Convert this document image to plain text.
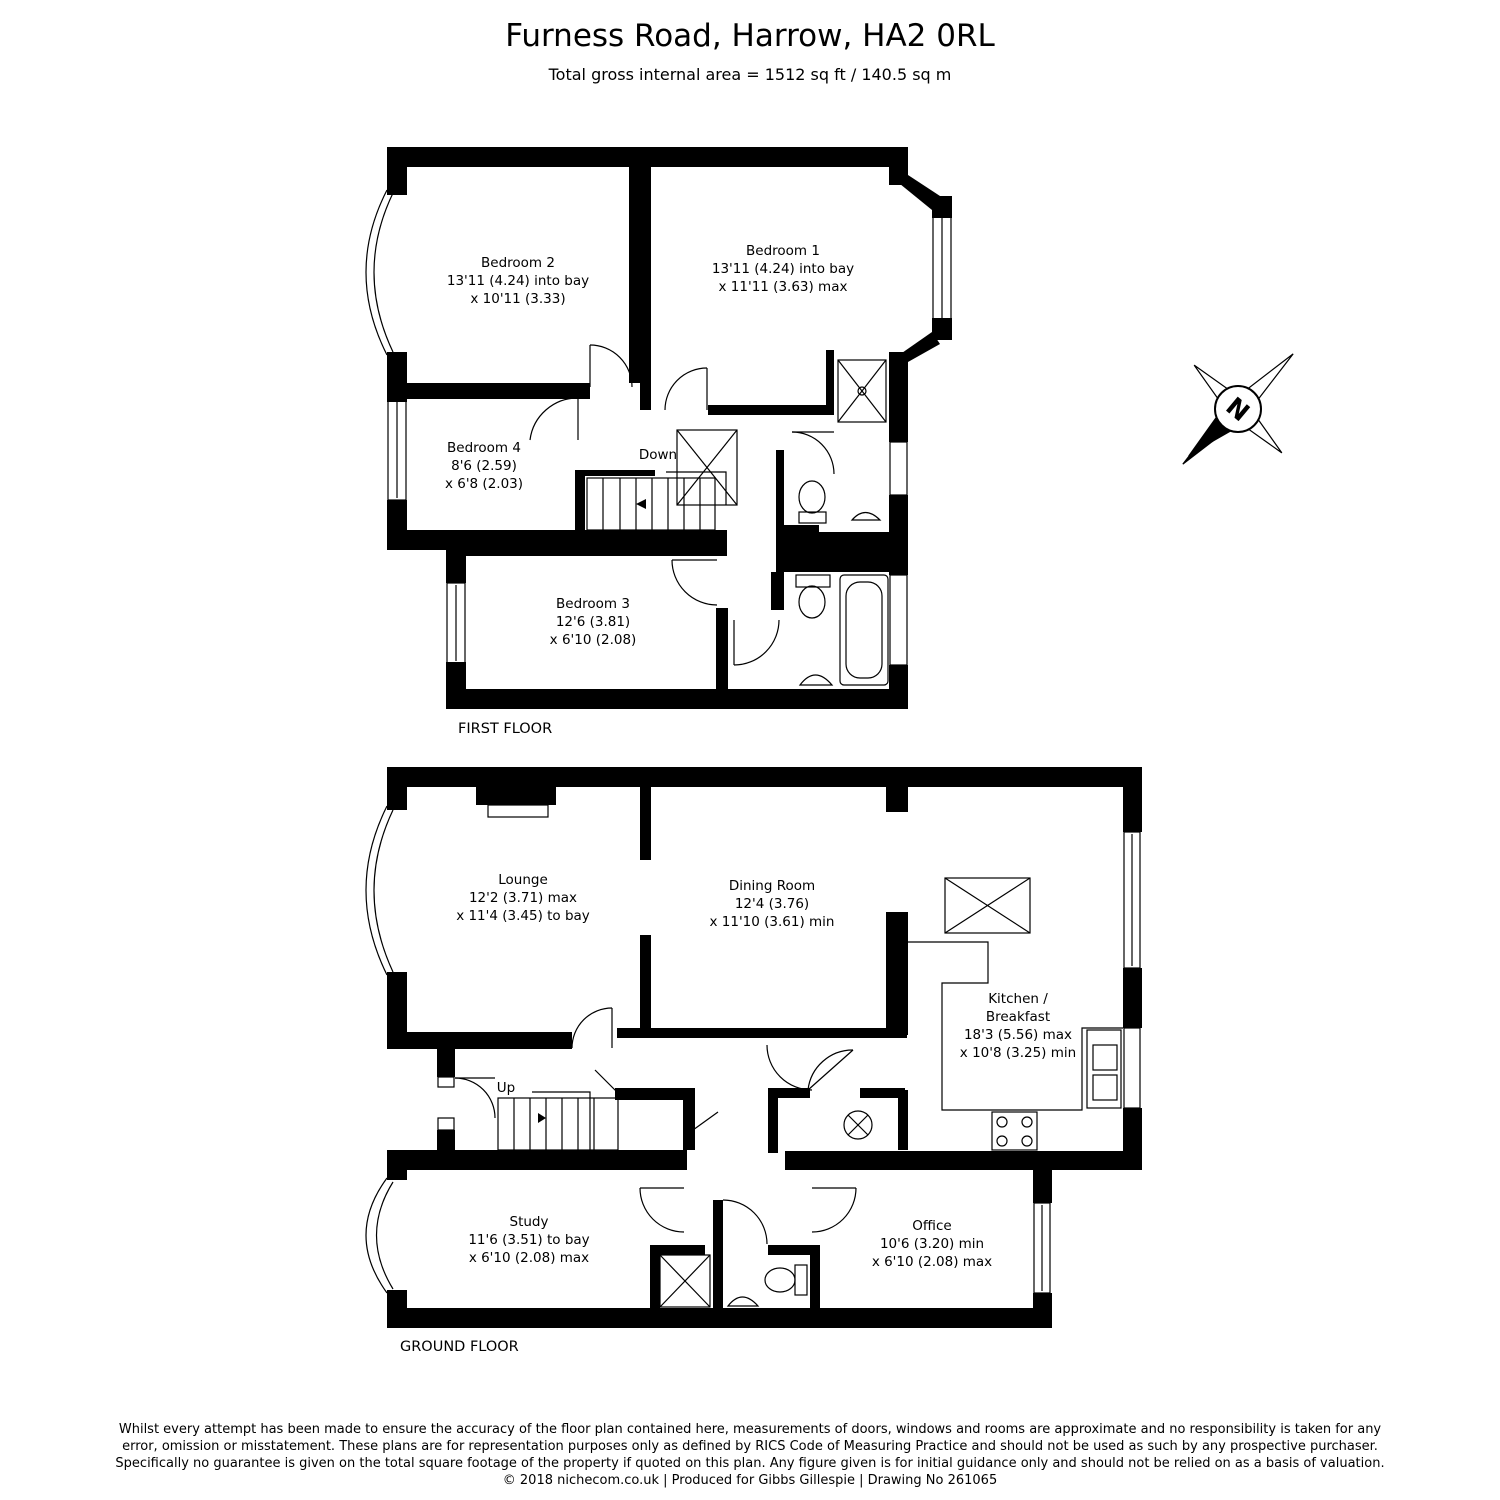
Furness Road, Harrow, HA2 0RL

Total gross internal area = 1512 sq ft / 140.5 sq m

FIRST FLOOR
Down
Bedroom 2
13'11 (4.24) into bay
x 10'11 (3.33)
Bedroom 1
13'11 (4.24) into bay
x 11'11 (3.63) max
Bedroom 4
8'6 (2.59)
x 6'8 (2.03)
Bedroom 3
12'6 (3.81)
x 6'10 (2.08)
GROUND FLOOR
Up
Lounge
12'2 (3.71) max
x 11'4 (3.45) to bay
Dining Room
12'4 (3.76)
x 11'10 (3.61) min
Kitchen /
Breakfast
18'3 (5.56) max
x 10'8 (3.25) min
Study
11'6 (3.51) to bay
x 6'10 (2.08) max
Office
10'6 (3.20) min
x 6'10 (2.08) max
N

Whilst every attempt has been made to ensure the accuracy of the floor plan contained here, measurements of doors, windows and rooms are approximate and no responsibility is taken for any

error, omission or misstatement. These plans are for representation purposes only as defined by RICS Code of Measuring Practice and should not be used as such by any prospective purchaser.

Specifically no guarantee is given on the total square footage of the property if quoted on this plan. Any figure given is for initial guidance only and should not be relied on as a basis of valuation.

© 2018 nichecom.co.uk | Produced for Gibbs Gillespie | Drawing No 261065
